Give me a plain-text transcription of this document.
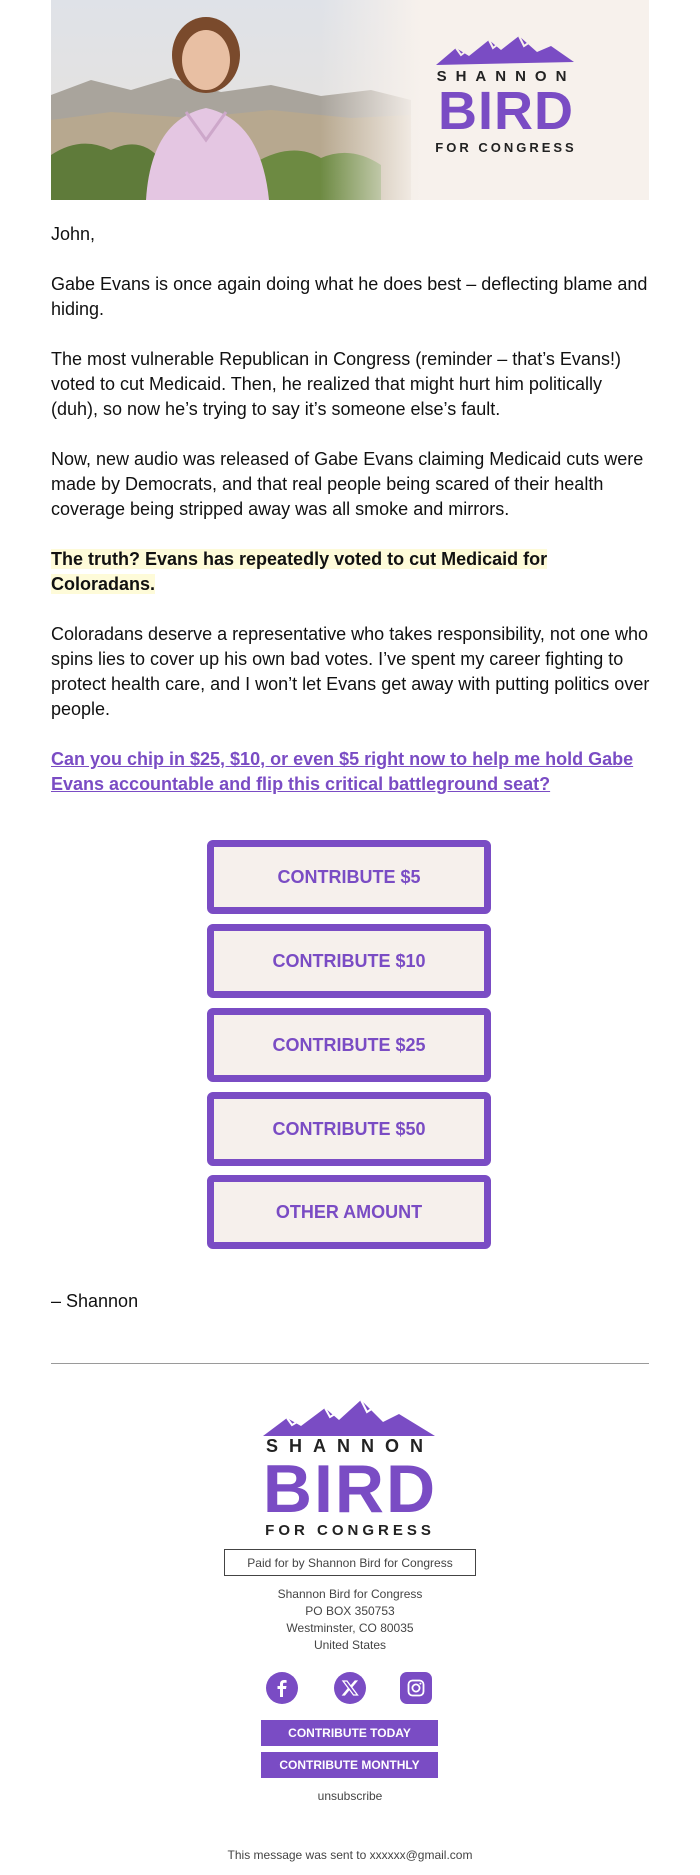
SHANNON
BIRD
FOR CONGRESS
John,
Gabe Evans is once again doing what he does best – deflecting blame and hiding.
The most vulnerable Republican in Congress (reminder – that’s Evans!) voted to cut Medicaid. Then, he realized that might hurt him politically (duh), so now he’s trying to say it’s someone else’s fault.
Now, new audio was released of Gabe Evans claiming Medicaid cuts were made by Democrats, and that real people being scared of their health coverage being stripped away was all smoke and mirrors.
The truth? Evans has repeatedly voted to cut Medicaid for
Coloradans.
Coloradans deserve a representative who takes responsibility, not one who spins lies to cover up his own bad votes. I’ve spent my career fighting to protect health care, and I won’t let Evans get away with putting politics over people.
Can you chip in $25, $10, or even $5 right now to help me hold Gabe Evans accountable and flip this critical battleground seat?
CONTRIBUTE $5
CONTRIBUTE $10
CONTRIBUTE $25
CONTRIBUTE $50
OTHER AMOUNT
– Shannon
SHANNON
BIRD
FOR CONGRESS
Paid for by Shannon Bird for Congress
Shannon Bird for Congress
PO BOX 350753
Westminster, CO 80035
United States
CONTRIBUTE TODAY
CONTRIBUTE MONTHLY
unsubscribe
This message was sent to xxxxxx@gmail.com
